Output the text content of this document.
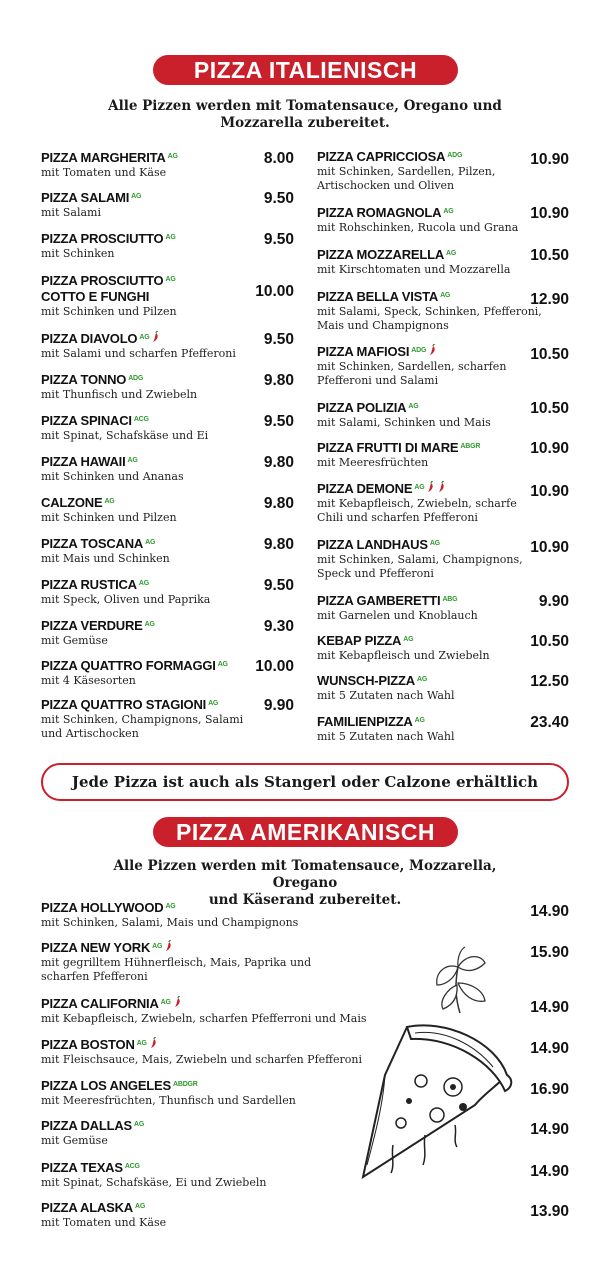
PIZZA ITALIENISCH
Alle Pizzen werden mit Tomatensauce, Oregano und
Mozzarella zubereitet.
PIZZA MARGHERITA $^{AG}$
mit Tomaten und Käse
8.00
PIZZA SALAMI $^{AG}$
mit Salami
9.50
PIZZA PROSCIUTTO $^{AG}$
mit Schinken
9.50
PIZZA PROSCIUTTO $^{AG}$
COTTO E FUNGHI
mit Schinken und Pilzen
10.00
PIZZA DIAVOLO $^{AG}$
mit Salami und scharfen Pfefferoni
9.50
PIZZA TONNO $^{ADG}$
mit Thunfisch und Zwiebeln
9.80
PIZZA SPINACI $^{ACG}$
mit Spinat, Schafskäse und Ei
9.50
PIZZA HAWAII $^{AG}$
mit Schinken und Ananas
9.80
CALZONE $^{AG}$
mit Schinken und Pilzen
9.80
PIZZA TOSCANA $^{AG}$
mit Mais und Schinken
9.80
PIZZA RUSTICA $^{AG}$
mit Speck, Oliven und Paprika
9.50
PIZZA VERDURE $^{AG}$
mit Gemüse
9.30
PIZZA QUATTRO FORMAGGI $^{AG}$
mit 4 Käsesorten
10.00
PIZZA QUATTRO STAGIONI $^{AG}$
mit Schinken, Champignons, Salami
und Artischocken
9.90
PIZZA CAPRICCIOSA $^{ADG}$
mit Schinken, Sardellen, Pilzen,
Artischocken und Oliven
10.90
PIZZA ROMAGNOLA $^{AG}$
mit Rohschinken, Rucola und Grana
10.90
PIZZA MOZZARELLA $^{AG}$
mit Kirschtomaten und Mozzarella
10.50
PIZZA BELLA VISTA $^{AG}$
mit Salami, Speck, Schinken, Pfefferoni,
Mais und Champignons
12.90
PIZZA MAFIOSI $^{ADG}$
mit Schinken, Sardellen, scharfen
Pfefferoni und Salami
10.50
PIZZA POLIZIA $^{AG}$
mit Salami, Schinken und Mais
10.50
PIZZA FRUTTI DI MARE $^{ABGR}$
mit Meeresfrüchten
10.90
PIZZA DEMONE $^{AG}$
mit Kebapfleisch, Zwiebeln, scharfe
Chili und scharfen Pfefferoni
10.90
PIZZA LANDHAUS $^{AG}$
mit Schinken, Salami, Champignons,
Speck und Pfefferoni
10.90
PIZZA GAMBERETTI $^{ABG}$
mit Garnelen und Knoblauch
9.90
KEBAP PIZZA $^{AG}$
mit Kebapfleisch und Zwiebeln
10.50
WUNSCH-PIZZA $^{AG}$
mit 5 Zutaten nach Wahl
12.50
FAMILIENPIZZA $^{AG}$
mit 5 Zutaten nach Wahl
23.40
Jede Pizza ist auch als Stangerl oder Calzone erhältlich
PIZZA AMERIKANISCH
Alle Pizzen werden mit Tomatensauce, Mozzarella, Oregano
und Käserand zubereitet.
PIZZA HOLLYWOOD $^{AG}$
mit Schinken, Salami, Mais und Champignons
14.90
PIZZA NEW YORK $^{AG}$
mit gegrilltem Hühnerfleisch, Mais, Paprika und
scharfen Pfefferoni
15.90
PIZZA CALIFORNIA $^{AG}$
mit Kebapfleisch, Zwiebeln, scharfen Pfefferroni und Mais
14.90
PIZZA BOSTON $^{AG}$
mit Fleischsauce, Mais, Zwiebeln und scharfen Pfefferoni
14.90
PIZZA LOS ANGELES $^{ABDGR}$
mit Meeresfrüchten, Thunfisch und Sardellen
16.90
PIZZA DALLAS $^{AG}$
mit Gemüse
14.90
PIZZA TEXAS $^{ACG}$
mit Spinat, Schafskäse, Ei und Zwiebeln
14.90
PIZZA ALASKA $^{AG}$
mit Tomaten und Käse
13.90
